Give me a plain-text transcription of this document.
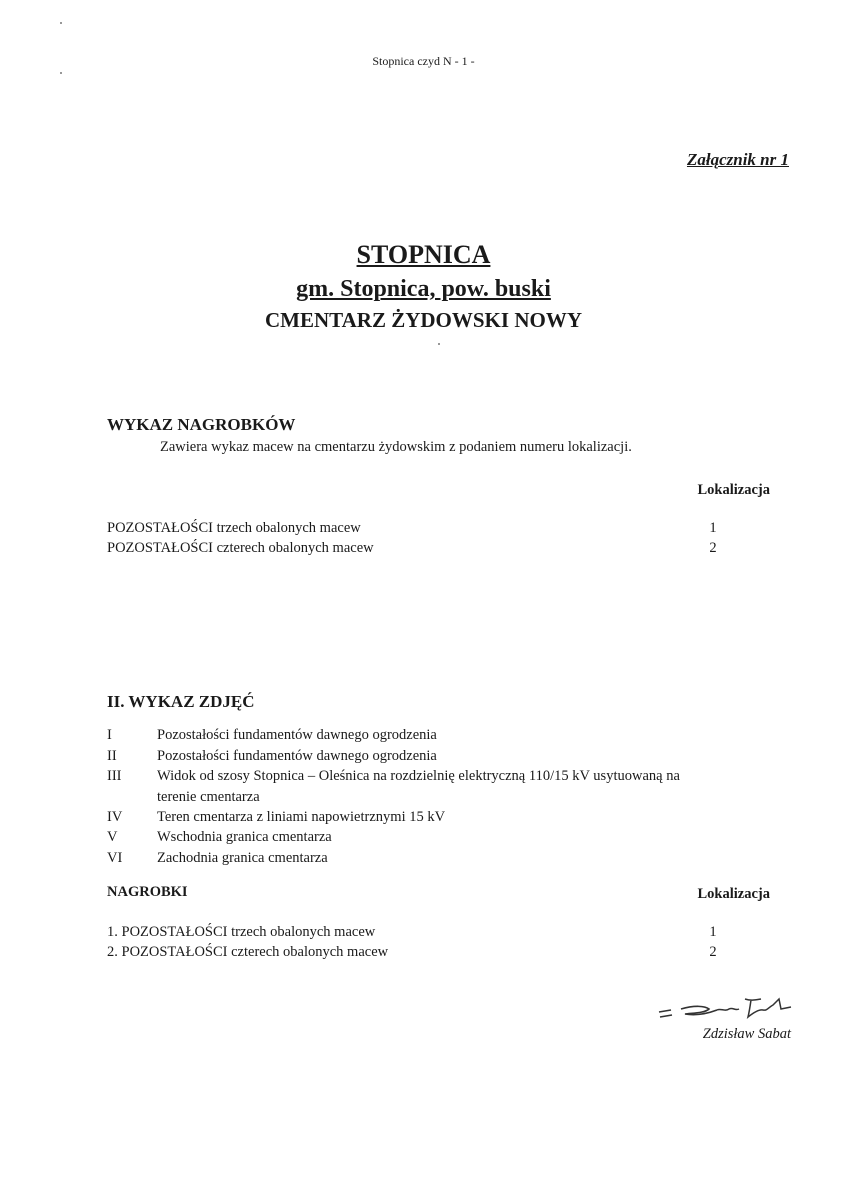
Stopnica czyd N - 1 -
Załącznik nr 1
STOPNICA
gm. Stopnica, pow. buski
CMENTARZ ŻYDOWSKI NOWY
WYKAZ NAGROBKÓW
Zawiera wykaz macew na cmentarzu żydowskim z podaniem numeru lokalizacji.
Lokalizacja
POZOSTAŁOŚCI trzech obalonych macew	1
POZOSTAŁOŚCI czterech obalonych macew	2
II. WYKAZ ZDJĘĆ
I	Pozostałości fundamentów dawnego ogrodzenia
II	Pozostałości fundamentów dawnego ogrodzenia
III Widok od szosy Stopnica – Oleśnica na rozdzielnię elektryczną 110/15 kV usytuowaną na
terenie cmentarza
IV Teren cmentarza z liniami napowietrznymi 15 kV
V	Wschodnia granica cmentarza
VI Zachodnia granica cmentarza
NAGROBKI	Lokalizacja
1. POZOSTAŁOŚCI trzech obalonych macew	1
2. POZOSTAŁOŚCI czterech obalonych macew	2
Zdzisław Sabat
